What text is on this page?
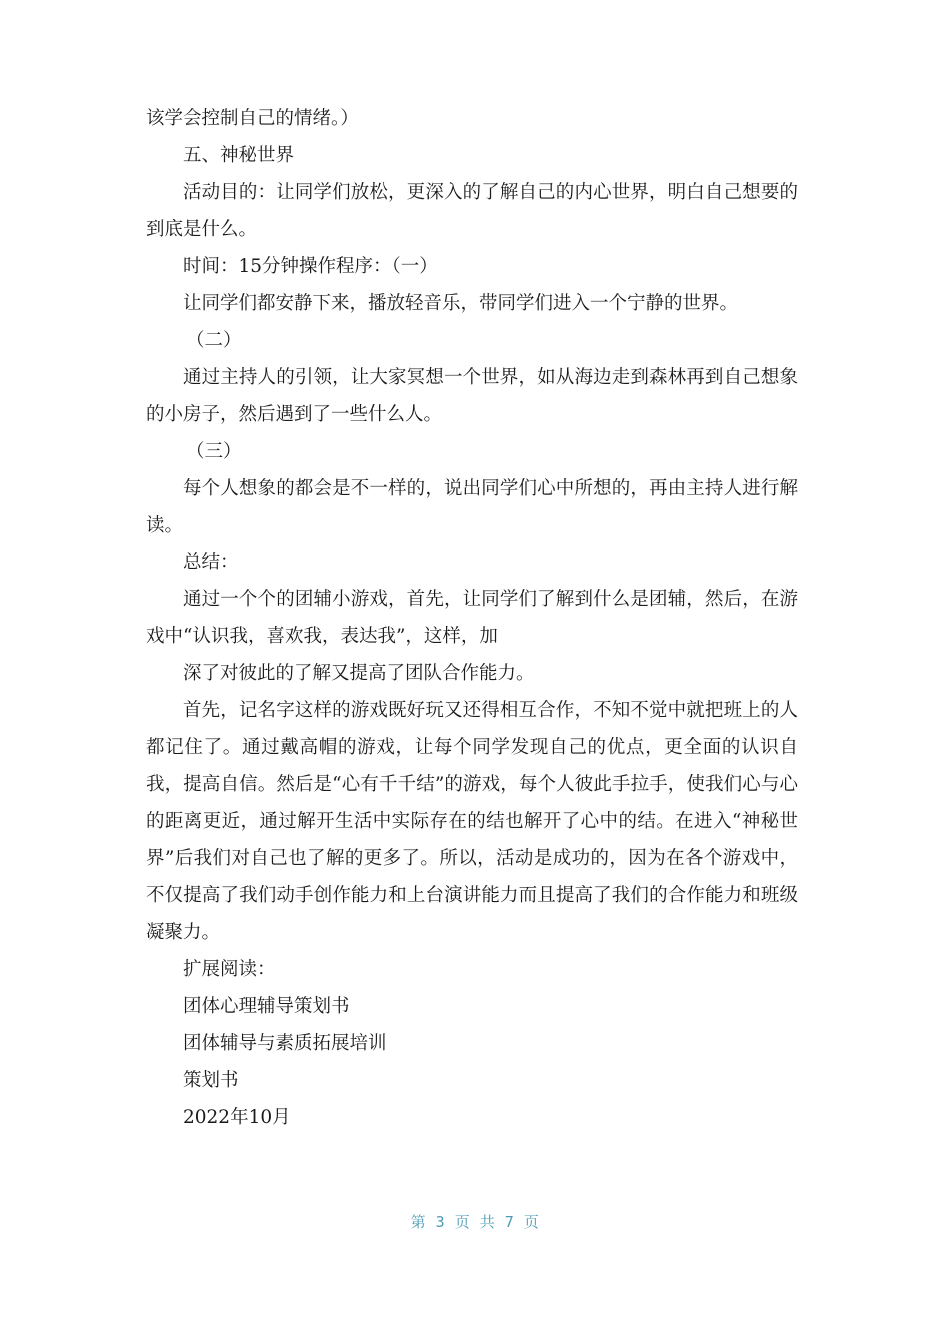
该学会控制自己的情绪。）

五、神秘世界

活动目的：让同学们放松，更深入的了解自己的内心世界，明白自己想要的到底是什么。

时间：15分钟操作程序：（一）

让同学们都安静下来，播放轻音乐，带同学们进入一个宁静的世界。

（二）

通过主持人的引领，让大家冥想一个世界，如从海边走到森林再到自己想象的小房子，然后遇到了一些什么人。

（三）

每个人想象的都会是不一样的，说出同学们心中所想的，再由主持人进行解读。

总结：

通过一个个的团辅小游戏，首先，让同学们了解到什么是团辅，然后，在游戏中“认识我，喜欢我，表达我”，这样，加

深了对彼此的了解又提高了团队合作能力。

首先，记名字这样的游戏既好玩又还得相互合作，不知不觉中就把班上的人都记住了。通过戴高帽的游戏，让每个同学发现自己的优点，更全面的认识自我，提高自信。然后是“心有千千结”的游戏，每个人彼此手拉手，使我们心与心的距离更近，通过解开生活中实际存在的结也解开了心中的结。在进入“神秘世界”后我们对自己也了解的更多了。所以，活动是成功的，因为在各个游戏中，不仅提高了我们动手创作能力和上台演讲能力而且提高了我们的合作能力和班级凝聚力。

扩展阅读：

团体心理辅导策划书

团体辅导与素质拓展培训

策划书

2022年10月

第 3 页 共 7 页
